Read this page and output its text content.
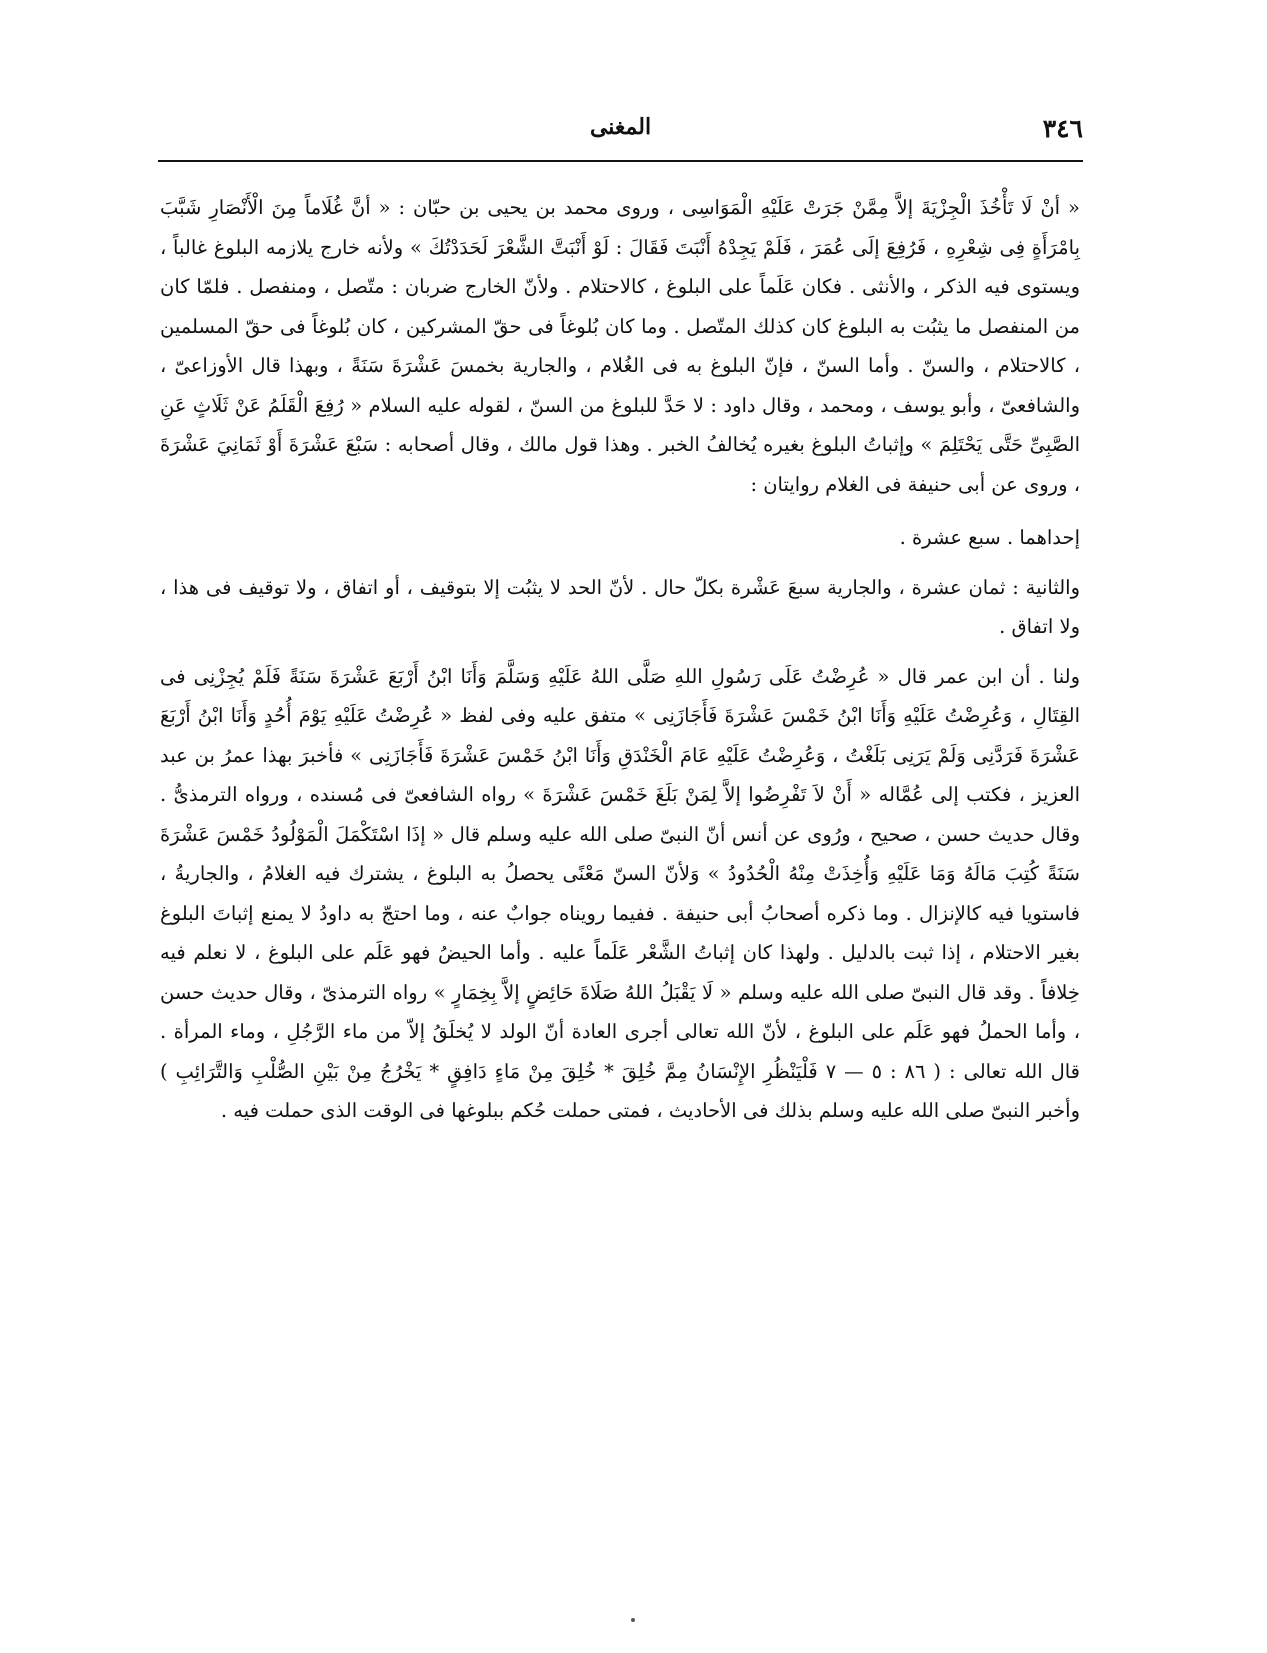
٣٤٦
المغنى

« أنْ لَا تَأْخُذَ الْجِزْيَةَ إلاَّ مِمَّنْ جَرَتْ عَلَيْهِ الْمَوَاسِى ، وروى محمد بن يحيى بن حبّان : « أنَّ غُلَاماً مِنَ الْأَنْصَارِ شَبَّبَ بِامْرَأَةٍ فِى شِعْرِهِ ، فَرُفِعَ إلَى عُمَرَ ، فَلَمْ يَجِدْهُ أَنْبَتَ فَقَالَ : لَوْ أَنْبَتَّ الشَّعْرَ لَحَدَدْتُكَ » ولأنه خارج يلازمه البلوغ غالباً ، ويستوى فيه الذكر ، والأنثى . فكان عَلَماً على البلوغ ، كالاحتلام . ولأنّ الخارج ضربان : متّصل ، ومنفصل . فلمّا كان من المنفصل ما يثبُت به البلوغ كان كذلك المتّصل . وما كان بُلوغاً فى حقّ المشركين ، كان بُلوغاً فى حقّ المسلمين ، كالاحتلام ، والسنّ . وأما السنّ ، فإنّ البلوغ به فى الغُلام ، والجارية بخمسَ عَشْرَةَ سَنَةً ، وبهذا قال الأوزاعىّ ، والشافعىّ ، وأبو يوسف ، ومحمد ، وقال داود : لا حَدَّ للبلوغ من السنّ ، لقوله عليه السلام « رُفِعَ الْقَلَمُ عَنْ ثَلَاثٍ عَنِ الصَّبِىِّ حَتَّى يَحْتَلِمَ » وإثباتُ البلوغ بغيره يُخالفُ الخبر . وهذا قول مالك ، وقال أصحابه : سَبْعَ عَشْرَةَ أَوْ ثَمَانِيَ عَشْرَةَ ، وروى عن أبى حنيفة فى الغلام روايتان :

إحداهما . سبع عشرة .

والثانية : ثمان عشرة ، والجارية سبعَ عَشْرة بكلّ حال . لأنّ الحد لا يثبُت إلا بتوقيف ، أو اتفاق ، ولا توقيف فى هذا ، ولا اتفاق .

ولنا . أن ابن عمر قال « عُرِضْتُ عَلَى رَسُولِ اللهِ صَلَّى اللهُ عَلَيْهِ وَسَلَّمَ وَأَنَا ابْنُ أَرْبَعَ عَشْرَةَ سَنَةً فَلَمْ يُجِزْنِى فى القِتَالِ ، وَعُرِضْتُ عَلَيْهِ وَأَنَا ابْنُ خَمْسَ عَشْرَةَ فَأَجَازَنِى » متفق عليه وفى لفظ « عُرِضْتُ عَلَيْهِ يَوْمَ أُحُدٍ وَأَنَا ابْنُ أَرْبَعَ عَشْرَةَ فَرَدَّنِى وَلَمْ يَرَنِى بَلَغْتُ ، وَعُرِضْتُ عَلَيْهِ عَامَ الْخَنْدَقِ وَأَنَا ابْنُ خَمْسَ عَشْرَةَ فَأَجَازَنِى » فأخبرَ بهذا عمرُ بن عبد العزيز ، فكتب إلى عُمَّاله « أَنْ لاَ تَفْرِضُوا إلاَّ لِمَنْ بَلَغَ خَمْسَ عَشْرَةَ » رواه الشافعىّ فى مُسنده ، ورواه الترمذىُّ . وقال حديث حسن ، صحيح ، ورُوى عن أنس أنّ النبىّ صلى الله عليه وسلم قال « إذَا اسْتَكْمَلَ الْمَوْلُودُ خَمْسَ عَشْرَةَ سَنَةً كُتِبَ مَالَهُ وَمَا عَلَيْهِ وَأُخِذَتْ مِنْهُ الْحُدُودُ » وَلأنّ السنّ مَعْنًى يحصلُ به البلوغ ، يشترك فيه الغلامُ ، والجاريةُ ، فاستويا فيه كالإنزال . وما ذكره أصحابُ أبى حنيفة . ففيما رويناه جوابٌ عنه ، وما احتجّ به داودُ لا يمنع إثباتَ البلوغ بغير الاحتلام ، إذا ثبت بالدليل . ولهذا كان إثباتُ الشَّعْر عَلَماً عليه . وأما الحيضُ فهو عَلَم على البلوغ ، لا نعلم فيه خِلافاً . وقد قال النبىّ صلى الله عليه وسلم « لَا يَقْبَلُ اللهُ صَلَاةَ حَائِضٍ إلاَّ بِخِمَارٍ » رواه الترمذىّ ، وقال حديث حسن ، وأما الحملُ فهو عَلَم على البلوغ ، لأنّ الله تعالى أجرى العادة أنّ الولد لا يُخلَقُ إلاّ من ماء الرَّجُلِ ، وماء المرأة . قال الله تعالى : ( ٨٦ : ٥ — ٧ فَلْيَنْظُرِ الإِنْسَانُ مِمَّ خُلِقَ * خُلِقَ مِنْ مَاءٍ دَافِقٍ * يَخْرُجُ مِنْ بَيْنِ الصُّلْبِ وَالتَّرَائِبِ ) وأخبر النبىّ صلى الله عليه وسلم بذلك فى الأحاديث ، فمتى حملت حُكم ببلوغها فى الوقت الذى حملت فيه .
